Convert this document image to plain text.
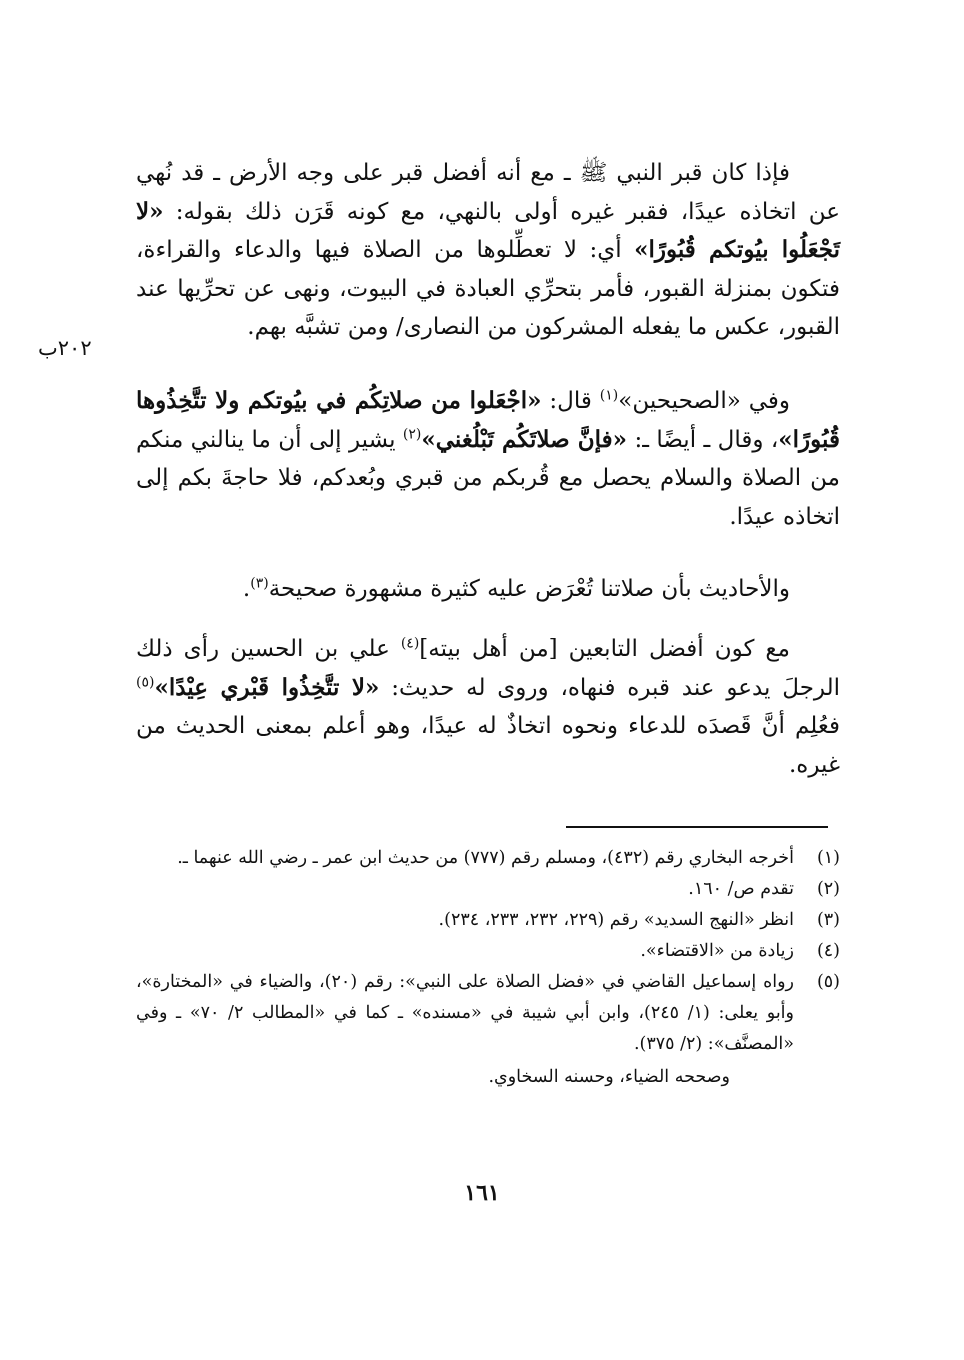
فإذا كان قبر النبي ﷺ ـ مع أنه أفضل قبر على وجه الأرض ـ قد نُهي عن اتخاذه عيدًا، فقبر غيره أولى بالنهي، مع كونه قَرَن ذلك بقوله: «لا تَجْعَلُوا بيُوتكم قُبُورًا» أي: لا تعطِّلوها من الصلاة فيها والدعاء والقراءة، فتكون بمنزلة القبور، فأمر بتحرِّي العبادة في البيوت، ونهى عن تحرِّيها عند القبور، عكس ما يفعله المشركون من النصارى/ ومن تشبَّه بهم.

٢٠٢ب

وفي «الصحيحين»$^{(١)}$ قال: «اجْعَلوا من صلاتِكُم في بيُوتكم ولا تتَّخِذُوها قُبُورًا»، وقال ـ أيضًا ـ: «فإنَّ صلاتَكُم تَبْلُغني»$^{(٢)}$ يشير إلى أن ما ينالني منكم من الصلاة والسلام يحصل مع قُربكم من قبري وبُعدكم، فلا حاجةَ بكم إلى اتخاذه عيدًا.

والأحاديث بأن صلاتنا تُعْرَض عليه كثيرة مشهورة صحيحة$^{(٣)}$.

مع كون أفضل التابعين [من أهل بيته]$^{(٤)}$ علي بن الحسين رأى ذلك الرجلَ يدعو عند قبره فنهاه، وروى له حديث: «لا تتَّخِذُوا قَبْري عِيْدًا»$^{(٥)}$ فعُلِم أنَّ قَصدَه للدعاء ونحوه اتخاذٌ له عيدًا، وهو أعلم بمعنى الحديث من غيره.

(١)
أخرجه البخاري رقم (٤٣٢)، ومسلم رقم (٧٧٧) من حديث ابن عمر ـ رضي الله عنهما ـ.
(٢)
تقدم ص/ ١٦٠.
(٣)
انظر «النهج السديد» رقم (٢٢٩، ٢٣٢، ٢٣٣، ٢٣٤).
(٤)
زيادة من «الاقتضاء».
(٥)
رواه إسماعيل القاضي في «فضل الصلاة على النبي»: رقم (٢٠)، والضياء في «المختارة»، وأبو يعلى: (١/ ٢٤٥)، وابن أبي شيبة في «مسنده» ـ كما في «المطالب ٢/ ٧٠» ـ وفي «المصنَّف»: (٢/ ٣٧٥).
وصححه الضياء، وحسنه السخاوي.
١٦١
